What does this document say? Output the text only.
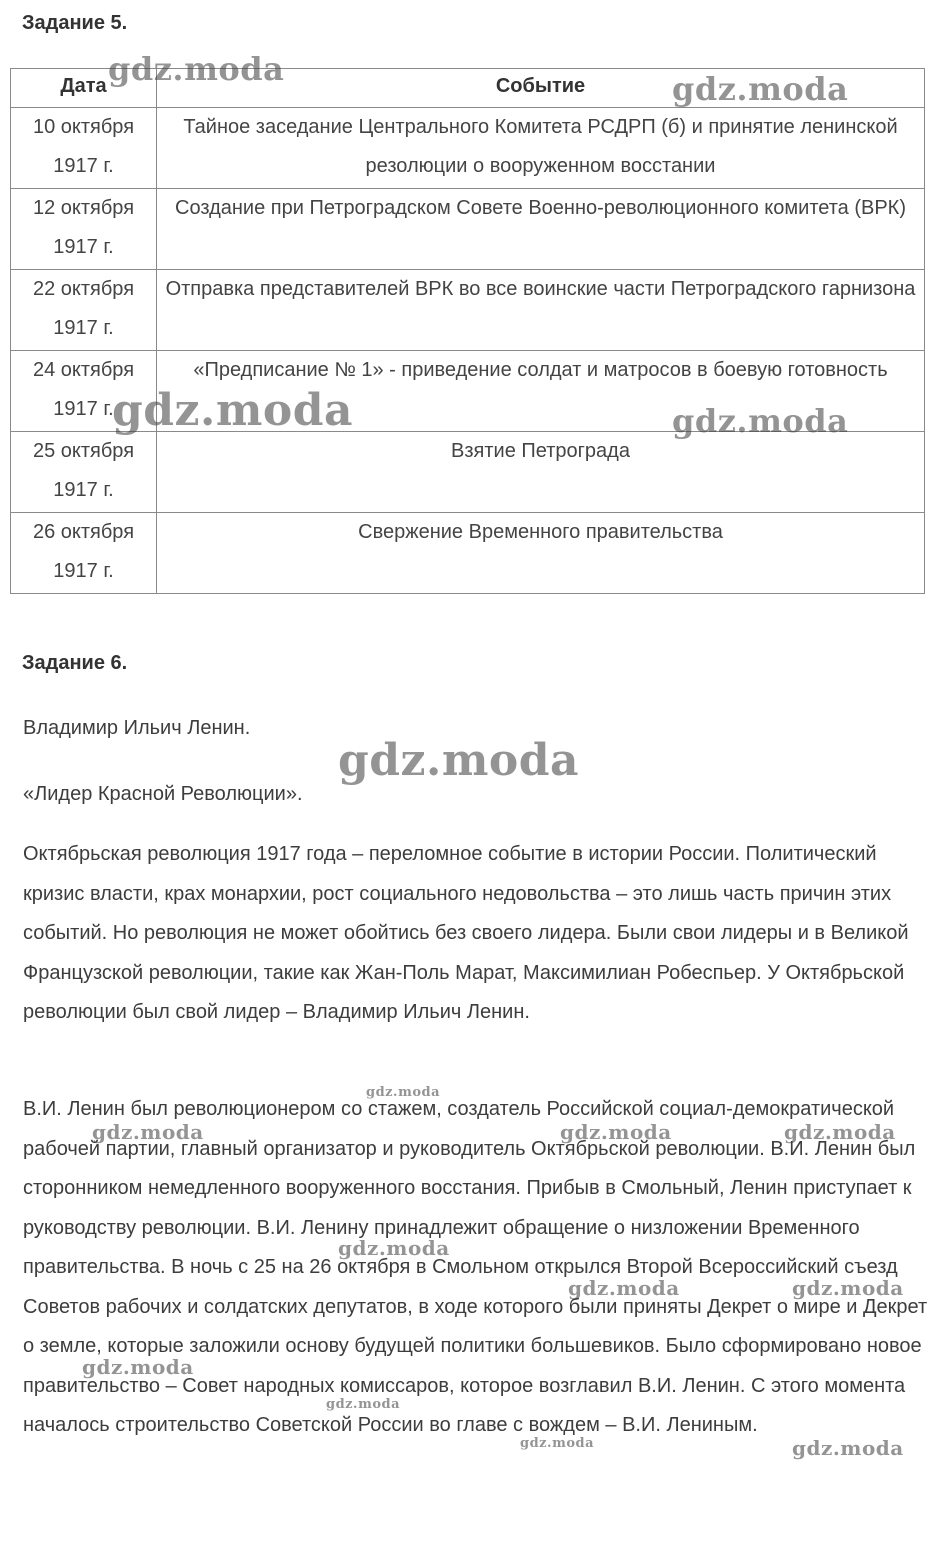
Задание 5.
Дата	Событие
10 октября 1917 г.	Тайное заседание Центрального Комитета РСДРП (б) и принятие ленинской резолюции о вооруженном восстании
12 октября 1917 г.	Создание при Петроградском Совете Военно-революционного комитета (ВРК)
22 октября 1917 г.	Отправка представителей ВРК во все воинские части Петроградского гарнизона
24 октября 1917 г.	«Предписание № 1» - приведение солдат и матросов в боевую готовность
25 октября 1917 г.	Взятие Петрограда
26 октября 1917 г.	Свержение Временного правительства
Задание 6.
Владимир Ильич Ленин.
«Лидер Красной Революции».
Октябрьская революция 1917 года – переломное событие в истории России. Политический кризис власти, крах монархии, рост социального недовольства – это лишь часть причин этих событий. Но революция не может обойтись без своего лидера. Были свои лидеры и в Великой Французской революции, такие как Жан-Поль Марат, Максимилиан Робеспьер. У Октябрьской революции был свой лидер – Владимир Ильич Ленин.
В.И. Ленин был революционером со стажем, создатель Российской социал-демократической рабочей партии, главный организатор и руководитель Октябрьской революции. В.И. Ленин был сторонником немедленного вооруженного восстания. Прибыв в Смольный, Ленин приступает к руководству революции. В.И. Ленину принадлежит обращение о низложении Временного правительства. В ночь с 25 на 26 октября в Смольном открылся Второй Всероссийский съезд Советов рабочих и солдатских депутатов, в ходе которого были приняты Декрет о мире и Декрет о земле, которые заложили основу будущей политики большевиков. Было сформировано новое правительство – Совет народных комиссаров, которое возглавил В.И. Ленин. С этого момента началось строительство Советской России во главе с вождем – В.И. Лениным.
gdz.moda
gdz.moda
gdz.moda	gdz.moda
gdz.moda
gdz.moda
gdz.moda	gdz.moda	gdz.moda
gdz.moda
gdz.moda	gdz.moda
gdz.moda
gdz.moda
gdz.moda	gdz.moda
